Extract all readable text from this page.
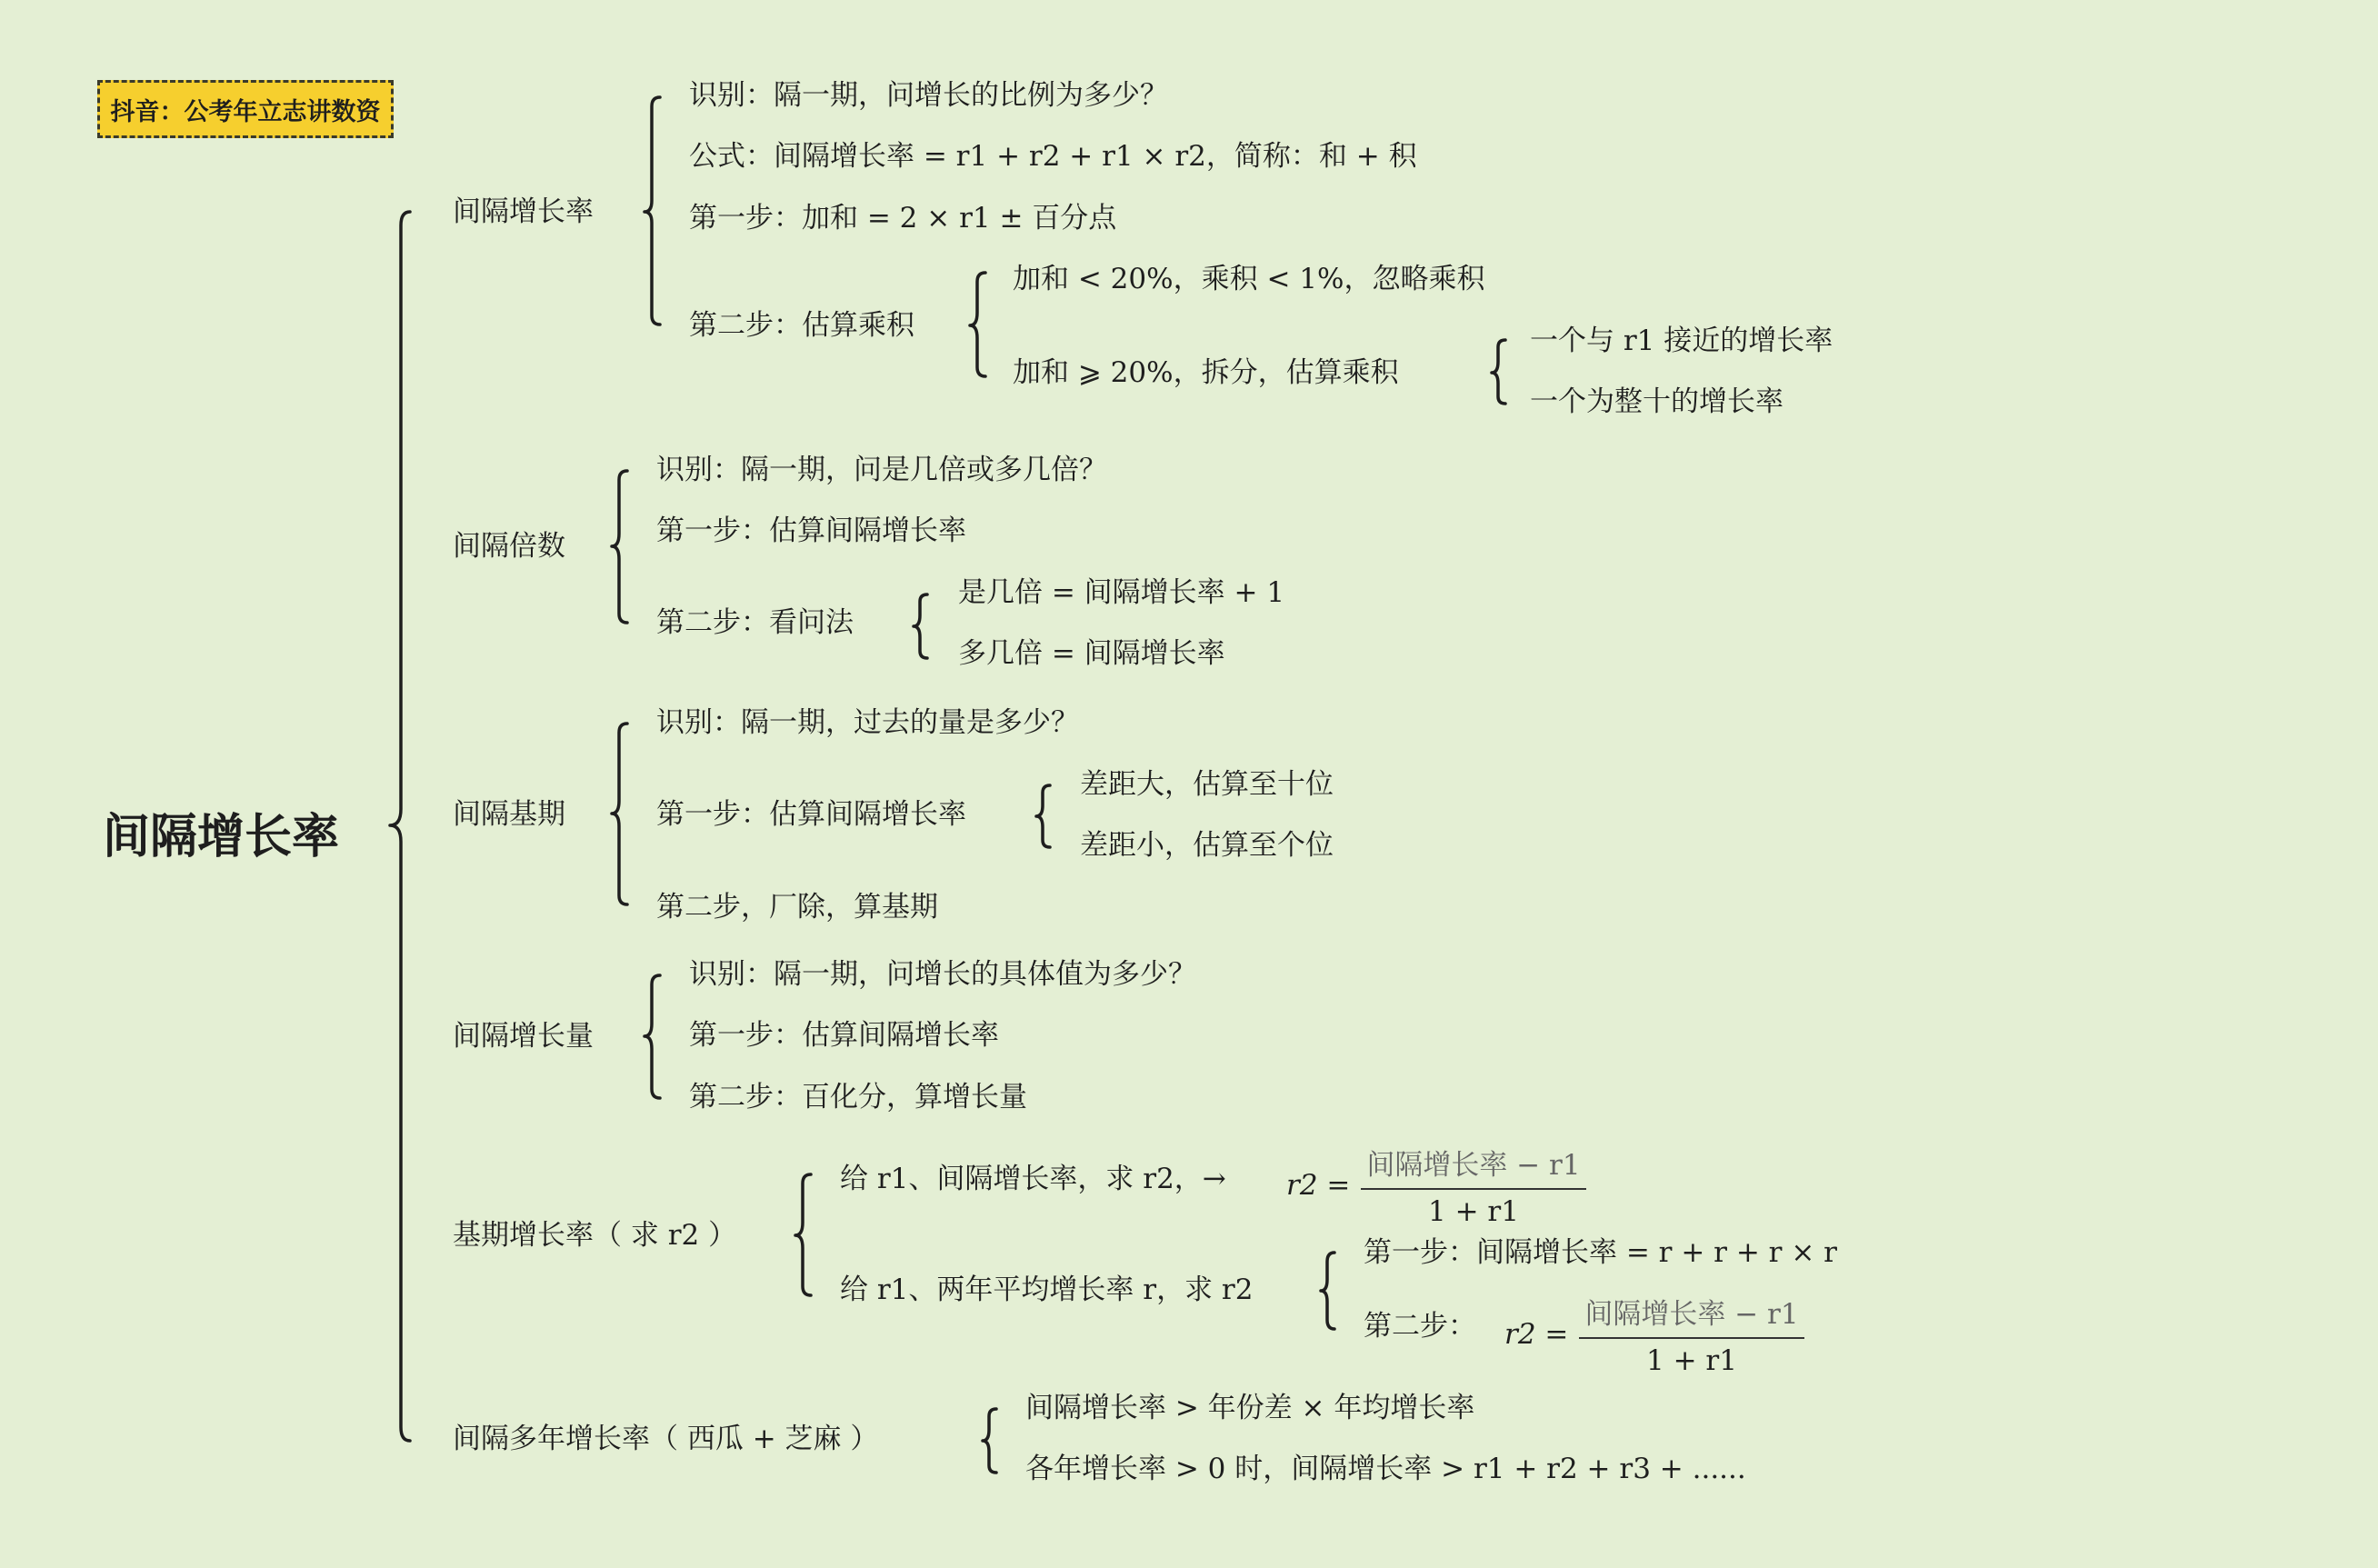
抖音：公考年立志讲数资
间隔增长率
间隔增长率
识别：隔一期，问增长的比例为多少？
公式：间隔增长率 = r1 + r2 + r1 × r2，简称：和 + 积
第一步：加和 = 2 × r1 ± 百分点
第二步：估算乘积
加和 < 20%，乘积 < 1%，忽略乘积
加和 ⩾ 20%，拆分，估算乘积
一个与 r1 接近的增长率
一个为整十的增长率
间隔倍数
识别：隔一期，问是几倍或多几倍？
第一步：估算间隔增长率
第二步：看问法
是几倍 = 间隔增长率 + 1
多几倍 = 间隔增长率
间隔基期
识别：隔一期，过去的量是多少？
第一步：估算间隔增长率
第二步，厂除，算基期
差距大，估算至十位
差距小，估算至个位
间隔增长量
识别：隔一期，问增长的具体值为多少？
第一步：估算间隔增长率
第二步：百化分，算增长量
基期增长率（ 求 r2 ）
给 r1、间隔增长率，求 r2，→ $r2 = \frac{\text{间隔增长率 − r1}}{1 + r1}$
给 r1、两年平均增长率 r，求 r2
第一步：间隔增长率 = r + r + r × r
第二步： $r2 = \frac{\text{间隔增长率 − r1}}{1 + r1}$
间隔多年增长率（ 西瓜 + 芝麻 ）
间隔增长率 > 年份差 × 年均增长率
各年增长率 > 0 时，间隔增长率 > r1 + r2 + r3 + ......
